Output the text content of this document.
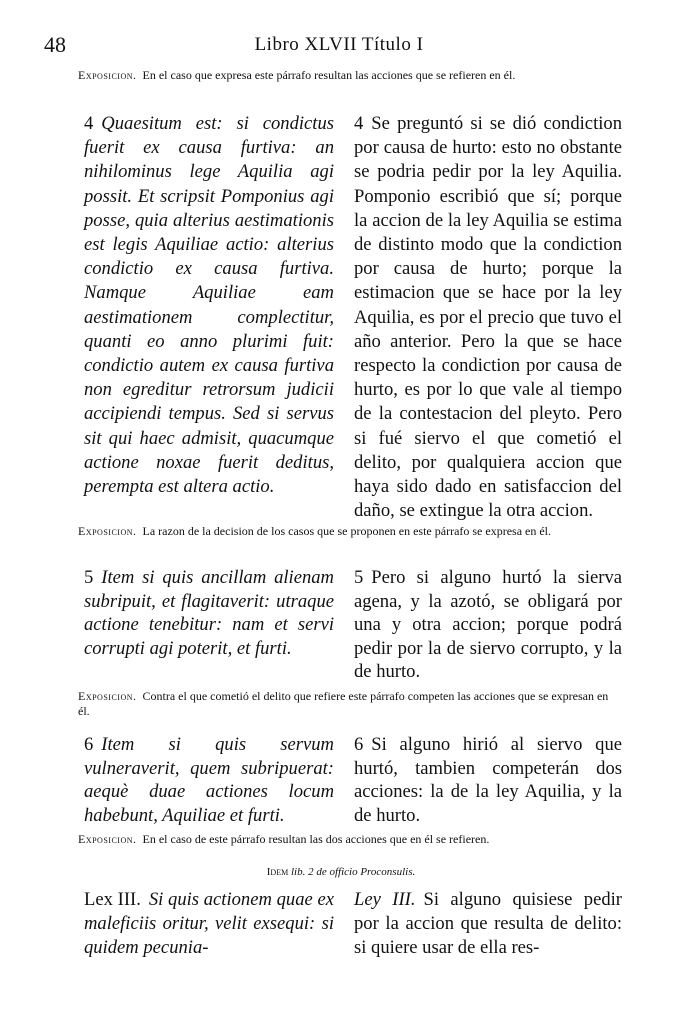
48	Libro XLVII Título I
Exposicion. En el caso que expresa este párrafo resultan las acciones que se refieren en él.

4 Quaesitum est: si condictus fuerit ex causa furtiva: an nihilominus lege Aquilia agi possit. Et scripsit Pomponius agi posse, quia alterius aestimationis est legis Aquiliae actio: alterius condictio ex causa furtiva. Namque Aquiliae eam aestimationem complectitur, quanti eo anno plurimi fuit: condictio autem ex causa furtiva non egreditur retrorsum judicii accipiendi tempus. Sed si servus sit qui haec admisit, quacumque actione noxae fuerit deditus, perempta est altera actio.

4 Se preguntó si se dió condiction por causa de hurto: esto no obstante se podria pedir por la ley Aquilia. Pomponio escribió que sí; porque la accion de la ley Aquilia se estima de distinto modo que la condiction por causa de hurto; porque la estimacion que se hace por la ley Aquilia, es por el precio que tuvo el año anterior. Pero la que se hace respecto la condiction por causa de hurto, es por lo que vale al tiempo de la contestacion del pleyto. Pero si fué siervo el que cometió el delito, por qualquiera accion que haya sido dado en satisfaccion del daño, se extingue la otra accion.

Exposicion. La razon de la decision de los casos que se proponen en este párrafo se expresa en él.

5 Item si quis ancillam alienam subripuit, et flagitaverit: utraque actione tenebitur: nam et servi corrupti agi poterit, et furti.

5 Pero si alguno hurtó la sierva agena, y la azotó, se obligará por una y otra accion; porque podrá pedir por la de siervo corrupto, y la de hurto.

Exposicion. Contra el que cometió el delito que refiere este párrafo competen las acciones que se expresan en él.

6 Item si quis servum vulneraverit, quem subripuerat: aequè duae actiones locum habebunt, Aquiliae et furti.

6 Si alguno hirió al siervo que hurtó, tambien competerán dos acciones: la de la ley Aquilia, y la de hurto.

Exposicion. En el caso de este párrafo resultan las dos acciones que en él se refieren.
Idem lib. 2 de officio Proconsulis.

Lex III. Si quis actionem quae ex maleficiis oritur, velit exsequi: si quidem pecunia-

Ley III. Si alguno quisiese pedir por la accion que resulta de delito: si quiere usar de ella res-
